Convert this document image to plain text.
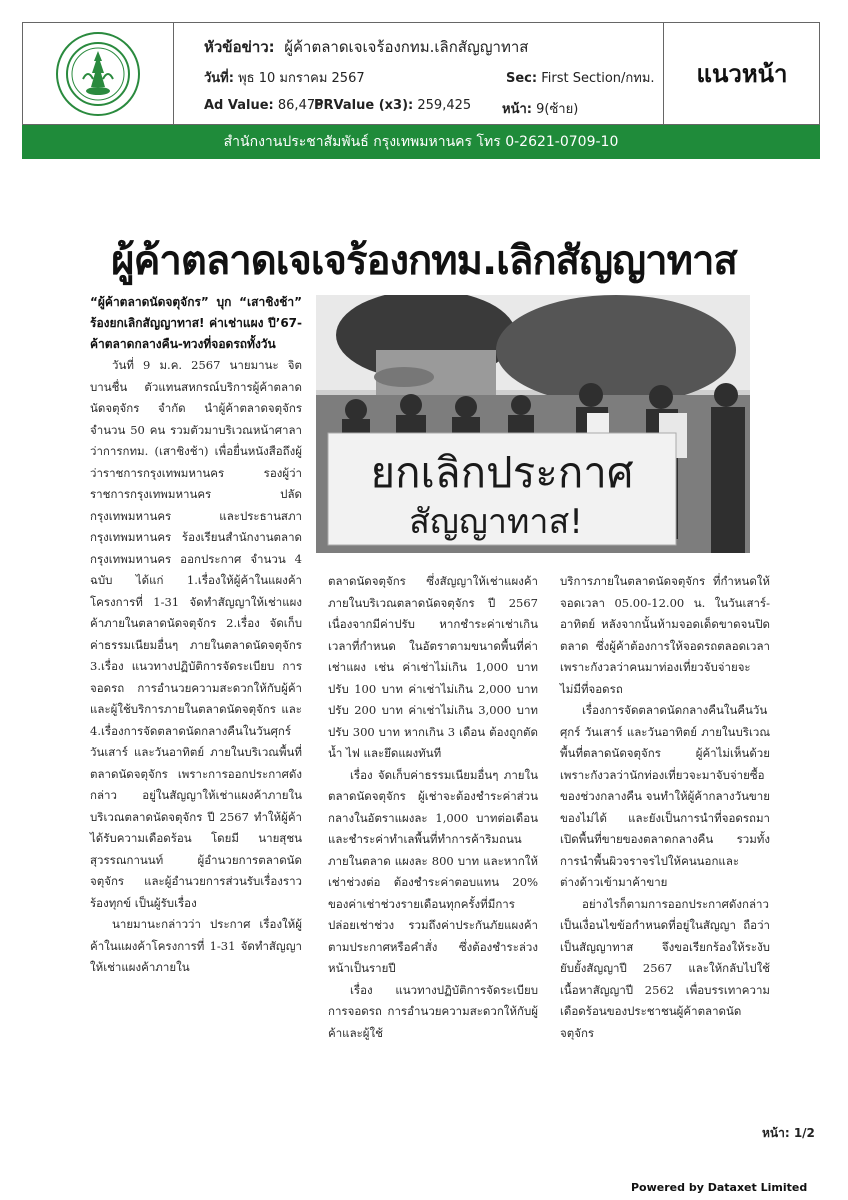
หัวข้อข่าว: ผู้ค้าตลาดเจเจร้องกทม.เลิกสัญญาทาส
วันที่: พุธ 10 มกราคม 2567	Sec: First Section/กทม.
Ad Value: 86,475
PRValue (x3): 259,425 หน้า: 9(ซ้าย)
แนวหน้า
สำนักงานประชาสัมพันธ์ กรุงเทพมหานคร โทร 0-2621-0709-10
ผู้ค้าตลาดเจเจร้องกทม.เลิกสัญญาทาส

“ผู้ค้าตลาดนัดจตุจักร” บุก “เสาชิงช้า” ร้องยกเลิกสัญญาทาส! ค่าเช่าแผง ปี’67-ค้าตลาดกลางคืน-ทวงที่จอดรถทั้งวัน

วันที่ 9 ม.ค. 2567 นายมานะ จิตบานชื่น ตัวแทนสหกรณ์บริการผู้ค้าตลาดนัดจตุจักร จำกัด นำผู้ค้าตลาดจตุจักร จำนวน 50 คน รวมตัวมาบริเวณหน้าศาลาว่าการกทม. (เสาชิงช้า) เพื่อยื่นหนังสือถึงผู้ว่าราชการกรุงเทพมหานคร รองผู้ว่าราชการกรุงเทพมหานคร ปลัดกรุงเทพมหานคร และประธานสภากรุงเทพมหานคร ร้องเรียนสำนักงานตลาดกรุงเทพมหานคร ออกประกาศ จำนวน 4 ฉบับ ได้แก่ 1.เรื่องให้ผู้ค้าในแผงค้าโครงการที่ 1-31 จัดทำสัญญาให้เช่าแผงค้าภายในตลาดนัดจตุจักร 2.เรื่อง จัดเก็บค่าธรรมเนียมอื่นๆ ภายในตลาดนัดจตุจักร 3.เรื่อง แนวทางปฏิบัติการจัดระเบียบ การจอดรถ การอำนวยความสะดวกให้กับผู้ค้าและผู้ใช้บริการภายในตลาดนัดจตุจักร และ 4.เรื่องการจัดตลาดนัดกลางคืนในวันศุกร์ วันเสาร์ และวันอาทิตย์ ภายในบริเวณพื้นที่ตลาดนัดจตุจักร เพราะการออกประกาศดังกล่าว อยู่ในสัญญาให้เช่าแผงค้าภายในบริเวณตลาดนัดจตุจักร ปี 2567 ทำให้ผู้ค้าได้รับความเดือดร้อน โดยมี นายสุชน สุวรรณกานนท์ ผู้อำนวยการตลาดนัดจตุจักร และผู้อำนวยการส่วนรับเรื่องราวร้องทุกข์ เป็นผู้รับเรื่อง

นายมานะกล่าวว่า ประกาศ เรื่องให้ผู้ค้าในแผงค้าโครงการที่ 1-31 จัดทำสัญญาให้เช่าแผงค้าภายใน

ยกเลิกประกาศ
สัญญาทาส!

ตลาดนัดจตุจักร ซึ่งสัญญาให้เช่าแผงค้าภายในบริเวณตลาดนัดจตุจักร ปี 2567 เนื่องจากมีค่าปรับ หากชำระค่าเช่าเกินเวลาที่กำหนด ในอัตราตามขนาดพื้นที่ค่าเช่าแผง เช่น ค่าเช่าไม่เกิน 1,000 บาท ปรับ 100 บาท ค่าเช่าไม่เกิน 2,000 บาท ปรับ 200 บาท ค่าเช่าไม่เกิน 3,000 บาท ปรับ 300 บาท หากเกิน 3 เดือน ต้องถูกตัดน้ำ ไฟ และยึดแผงทันที

เรื่อง จัดเก็บค่าธรรมเนียมอื่นๆ ภายในตลาดนัดจตุจักร ผู้เช่าจะต้องชำระค่าส่วนกลางในอัตราแผงละ 1,000 บาทต่อเดือน และชำระค่าทำเลพื้นที่ทำการค้าริมถนนภายในตลาด แผงละ 800 บาท และหากให้เช่าช่วงต่อ ต้องชำระค่าตอบแทน 20% ของค่าเช่าช่วงรายเดือนทุกครั้งที่มีการปล่อยเช่าช่วง รวมถึงค่าประกันภัยแผงค้า ตามประกาศหรือคำสั่ง ซึ่งต้องชำระล่วงหน้าเป็นรายปี

เรื่อง แนวทางปฏิบัติการจัดระเบียบ การจอดรถ การอำนวยความสะดวกให้กับผู้ค้าและผู้ใช้

บริการภายในตลาดนัดจตุจักร ที่กำหนดให้จอดเวลา 05.00-12.00 น. ในวันเสาร์-อาทิตย์ หลังจากนั้นห้ามจอดเด็ดขาดจนปิดตลาด ซึ่งผู้ค้าต้องการให้จอดรถตลอดเวลา เพราะกังวลว่าคนมาท่องเที่ยวจับจ่ายจะไม่มีที่จอดรถ

เรื่องการจัดตลาดนัดกลางคืนในคืนวันศุกร์ วันเสาร์ และวันอาทิตย์ ภายในบริเวณพื้นที่ตลาดนัดจตุจักร ผู้ค้าไม่เห็นด้วย เพราะกังวลว่านักท่องเที่ยวจะมาจับจ่ายซื้อของช่วงกลางคืน จนทำให้ผู้ค้ากลางวันขายของไม่ได้ และยังเป็นการนำที่จอดรถมาเปิดพื้นที่ขายของตลาดกลางคืน รวมทั้งการนำพื้นผิวจราจรไปให้คนนอกและต่างด้าวเข้ามาค้าขาย

อย่างไรก็ตามการออกประกาศดังกล่าว เป็นเงื่อนไขข้อกำหนดที่อยู่ในสัญญา ถือว่าเป็นสัญญาทาส จึงขอเรียกร้องให้ระงับยับยั้งสัญญาปี 2567 และให้กลับไปใช้เนื้อหาสัญญาปี 2562 เพื่อบรรเทาความเดือดร้อนของประชาชนผู้ค้าตลาดนัดจตุจักร

หน้า: 1/2
Powered by Dataxet Limited
